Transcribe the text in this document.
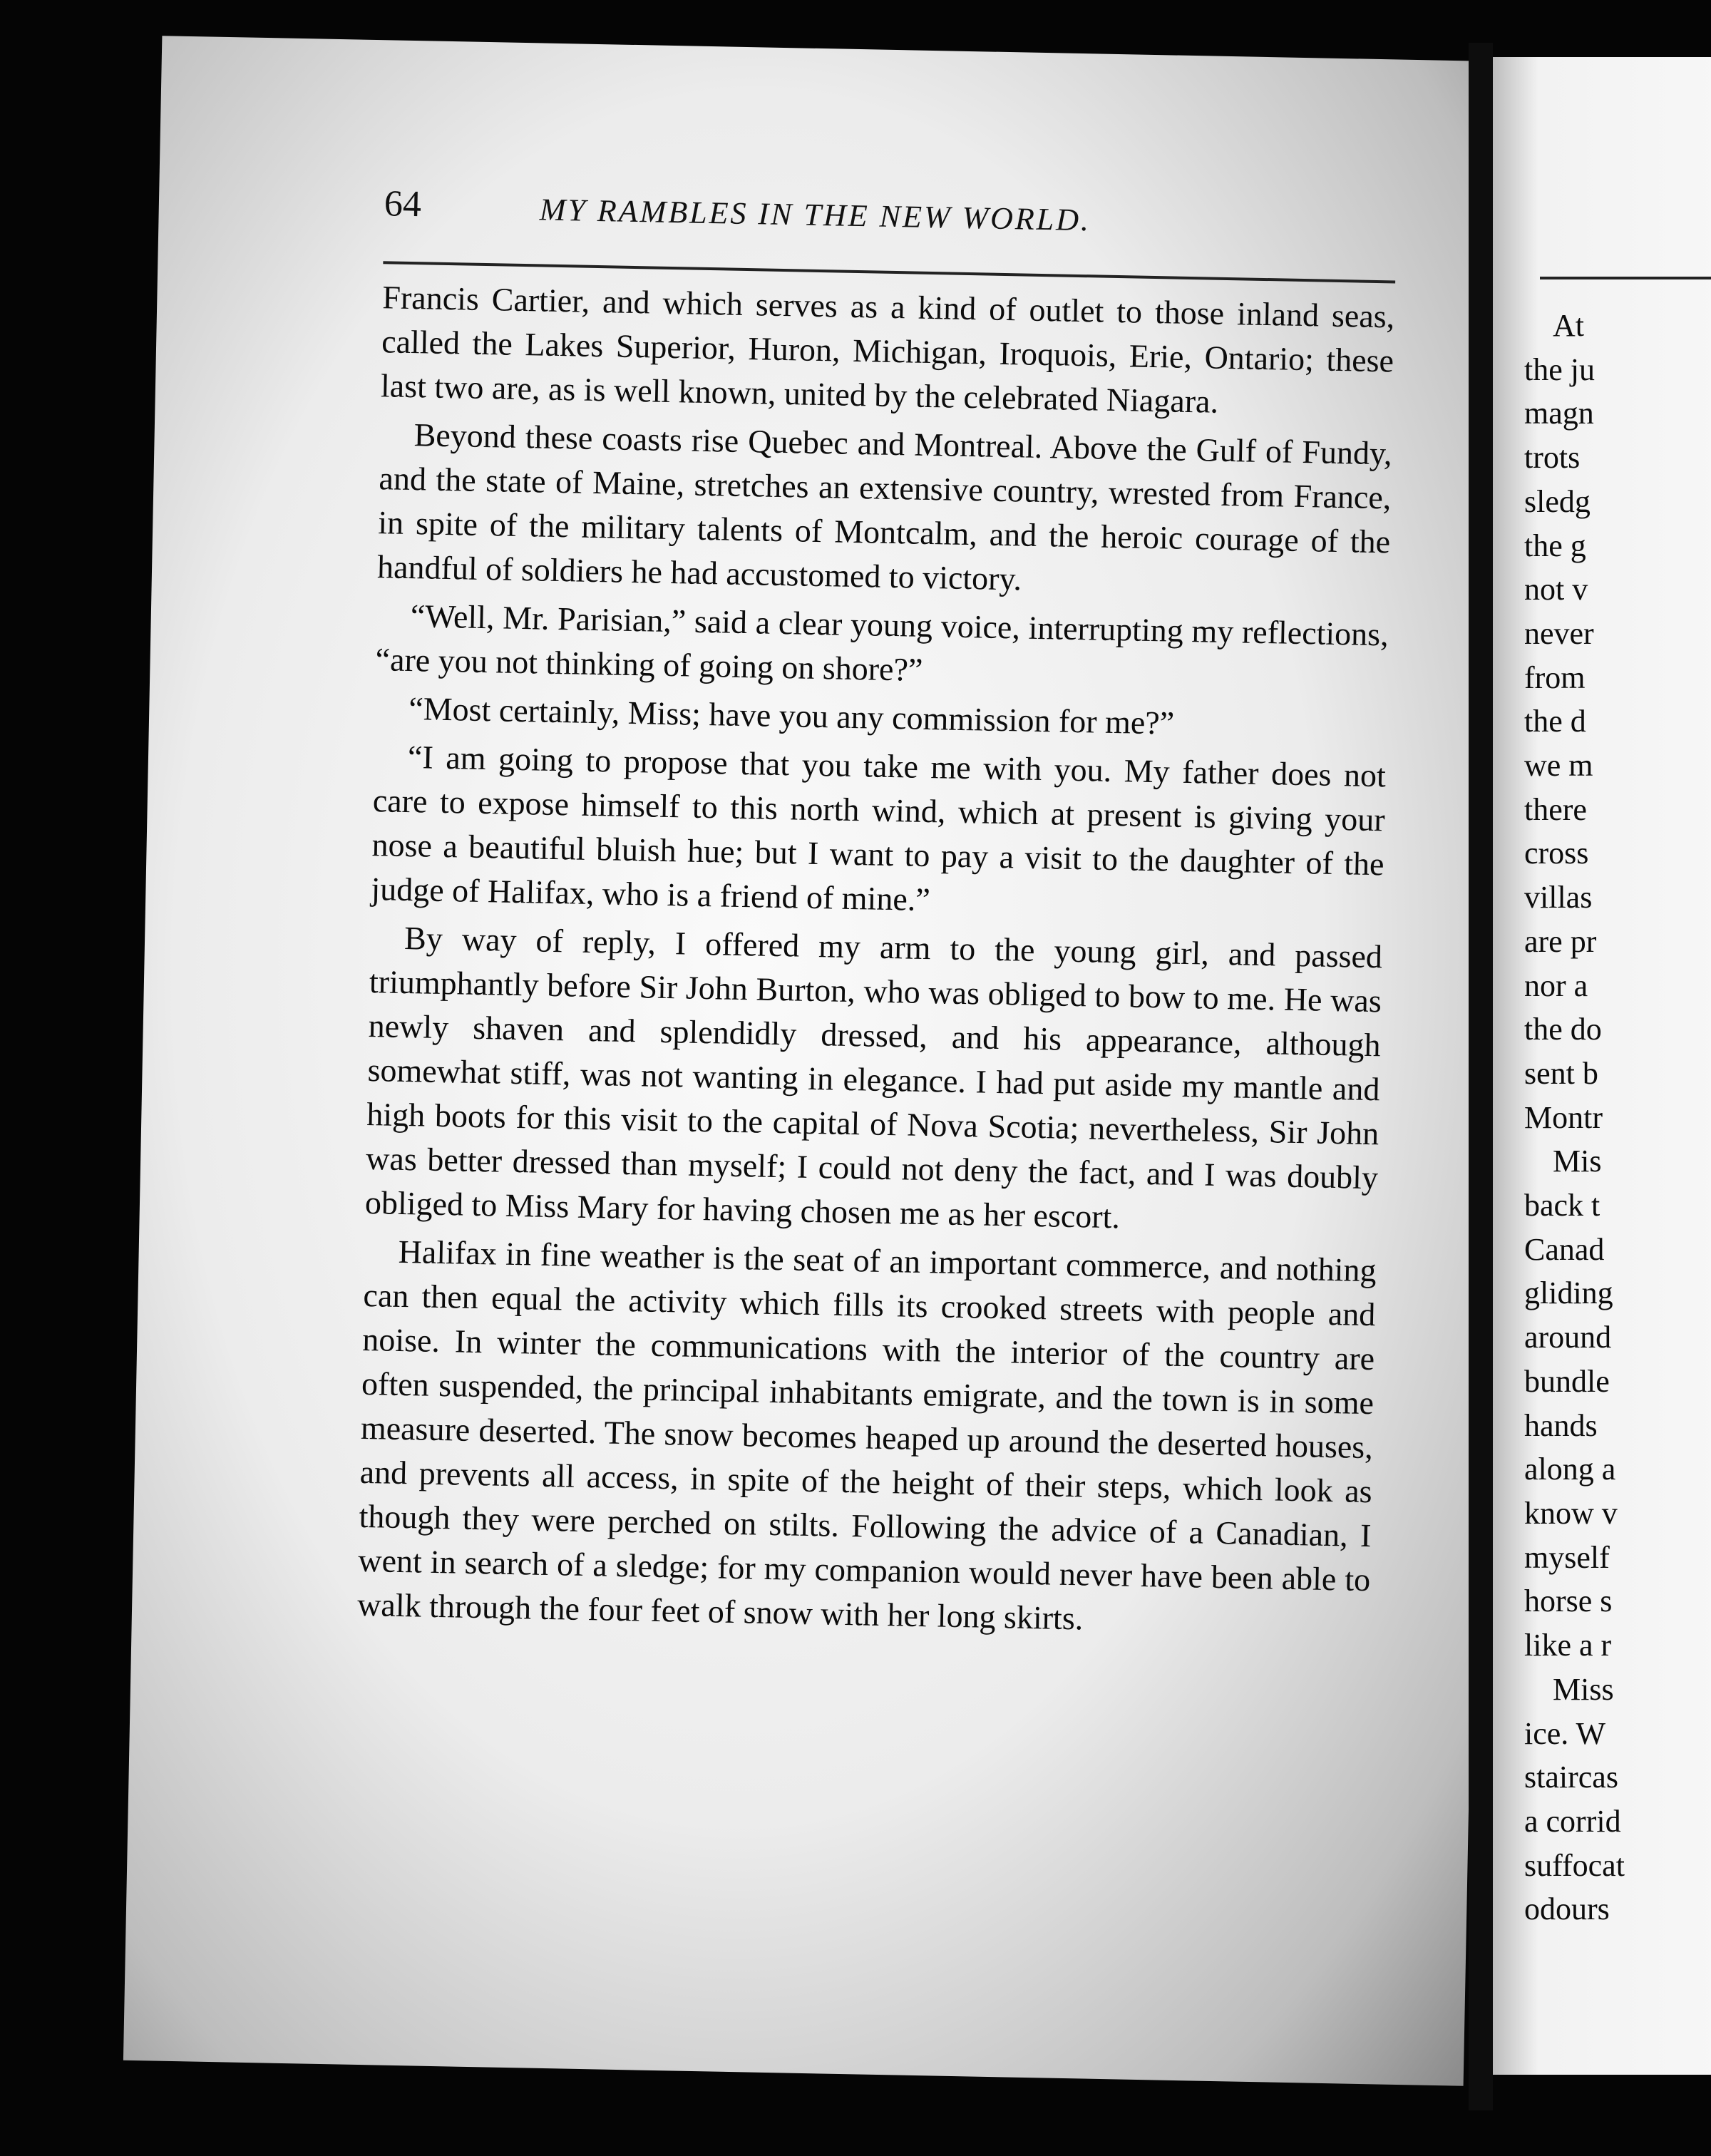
64	MY RAMBLES IN THE NEW WORLD.

Francis Cartier, and which serves as a kind of outlet to those inland seas, called the Lakes Superior, Huron, Michigan, Iroquois, Erie, Ontario; these last two are, as is well known, united by the celebrated Niagara.

Beyond these coasts rise Quebec and Montreal. Above the Gulf of Fundy, and the state of Maine, stretches an extensive country, wrested from France, in spite of the military talents of Montcalm, and the heroic courage of the handful of soldiers he had accustomed to victory.

“Well, Mr. Parisian,” said a clear young voice, interrupting my reflections, “are you not thinking of going on shore?”

“Most certainly, Miss; have you any commission for me?”

“I am going to propose that you take me with you. My father does not care to expose himself to this north wind, which at present is giving your nose a beautiful bluish hue; but I want to pay a visit to the daughter of the judge of Halifax, who is a friend of mine.”

By way of reply, I offered my arm to the young girl, and passed triumphantly before Sir John Burton, who was obliged to bow to me. He was newly shaven and splendidly dressed, and his appearance, although somewhat stiff, was not wanting in elegance. I had put aside my mantle and high boots for this visit to the capital of Nova Scotia; nevertheless, Sir John was better dressed than myself; I could not deny the fact, and I was doubly obliged to Miss Mary for having chosen me as her escort.

Halifax in fine weather is the seat of an important commerce, and nothing can then equal the activity which fills its crooked streets with people and noise. In winter the communications with the interior of the country are often suspended, the principal inhabitants emigrate, and the town is in some measure deserted. The snow becomes heaped up around the deserted houses, and prevents all access, in spite of the height of their steps, which look as though they were perched on stilts. Following the advice of a Canadian, I went in search of a sledge; for my companion would never have been able to walk through the four feet of snow with her long skirts.

At
the ju
magn
trots
sledg
the g
not v
never
from
the d
we m
there
cross
villas
are pr
nor a
the do
sent b
Montr
Mis
back t
Canad
gliding
around
bundle
hands
along a
know v
myself
horse s
like a r
Miss
ice. W
staircas
a corrid
suffocat
odours
